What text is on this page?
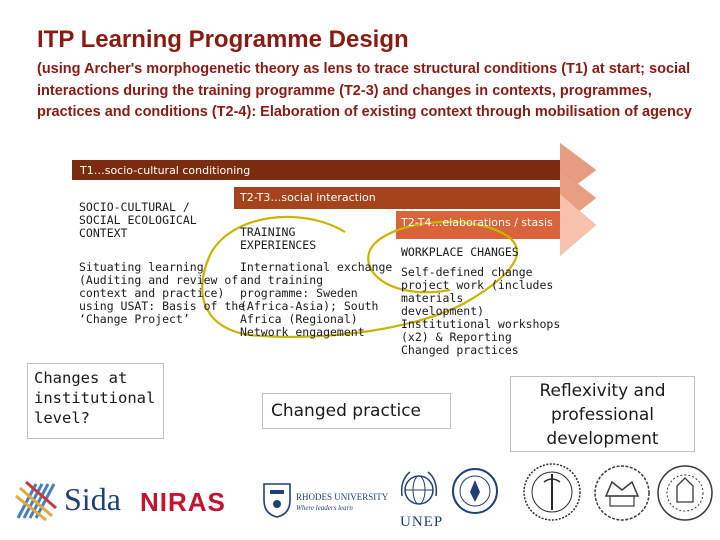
ITP Learning Programme Design
(using Archer's morphogenetic theory as lens to trace structural conditions (T1) at start; social interactions during the training programme (T2-3) and changes in contexts, programmes, practices and conditions (T2-4): Elaboration of existing context through mobilisation of agency
T1…socio-cultural conditioning
T2-T3…social interaction
T2-T4…elaborations / stasis
SOCIO-CULTURAL /
SOCIAL ECOLOGICAL
CONTEXT
Situating learning
(Auditing and review of
context and practice)
using USAT: Basis of the
‘Change Project’
TRAINING
EXPERIENCES
International exchange
and training
programme: Sweden
(Africa-Asia); South
Africa (Regional)
Network engagement
WORKPLACE CHANGES
Self-defined change
project work (includes
materials
development)
Institutional workshops
(x2) & Reporting
Changed practices
Changes at
institutional
level?	Changed practice
Reflexivity and
professional
development
Sida NIRAS	RHODES UNIVERSITY
Where leaders learn
UNEP
